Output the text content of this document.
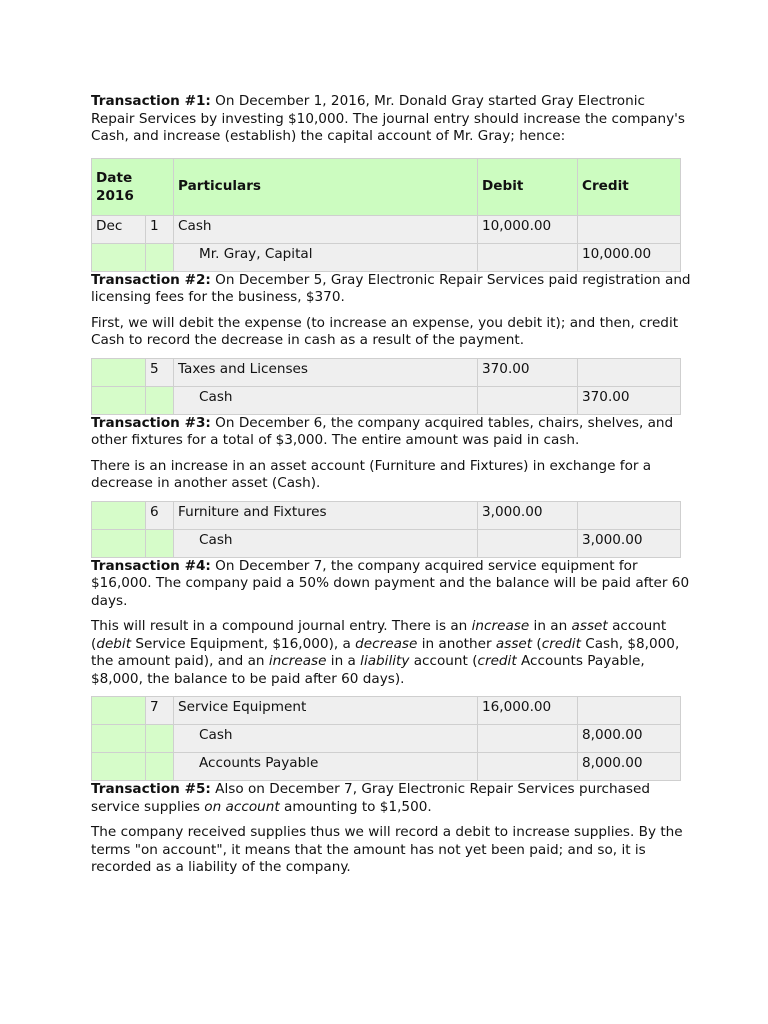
Transaction #1: On December 1, 2016, Mr. Donald Gray started Gray Electronic Repair Services by investing $10,000. The journal entry should increase the company's Cash, and increase (establish) the capital account of Mr. Gray; hence:

Date 2016		Particulars	Debit	Credit
Dec	1	Cash	10,000.00	
		Mr. Gray, Capital		10,000.00

Transaction #2: On December 5, Gray Electronic Repair Services paid registration and licensing fees for the business, $370.

First, we will debit the expense (to increase an expense, you debit it); and then, credit Cash to record the decrease in cash as a result of the payment.

	5	Taxes and Licenses	370.00	
		Cash		370.00

Transaction #3: On December 6, the company acquired tables, chairs, shelves, and other fixtures for a total of $3,000. The entire amount was paid in cash.

There is an increase in an asset account (Furniture and Fixtures) in exchange for a decrease in another asset (Cash).

	6	Furniture and Fixtures	3,000.00	
		Cash		3,000.00

Transaction #4: On December 7, the company acquired service equipment for $16,000. The company paid a 50% down payment and the balance will be paid after 60 days.

This will result in a compound journal entry. There is an increase in an asset account (debit Service Equipment, $16,000), a decrease in another asset (credit Cash, $8,000, the amount paid), and an increase in a liability account (credit Accounts Payable, $8,000, the balance to be paid after 60 days).

	7	Service Equipment	16,000.00	
		Cash		8,000.00
		Accounts Payable		8,000.00

Transaction #5: Also on December 7, Gray Electronic Repair Services purchased service supplies on account amounting to $1,500.

The company received supplies thus we will record a debit to increase supplies. By the terms "on account", it means that the amount has not yet been paid; and so, it is recorded as a liability of the company.
